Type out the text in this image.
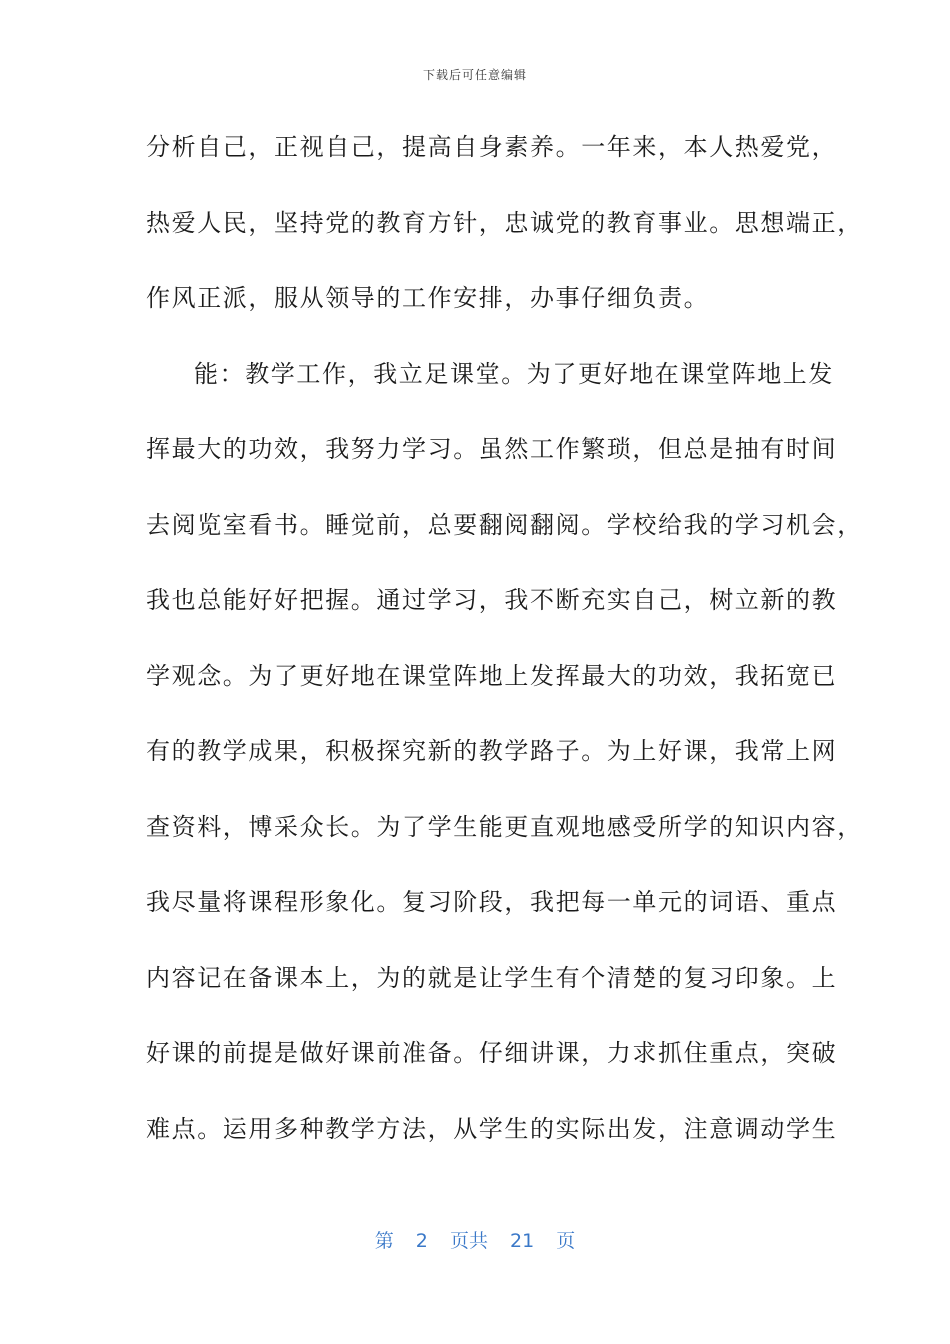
下载后可任意编辑
分析自己，正视自己，提高自身素养。一年来，本人热爱党，
热爱人民，坚持党的教育方针，忠诚党的教育事业。思想端正，
作风正派，服从领导的工作安排，办事仔细负责。
能：教学工作，我立足课堂。为了更好地在课堂阵地上发
挥最大的功效，我努力学习。虽然工作繁琐，但总是抽有时间
去阅览室看书。睡觉前，总要翻阅翻阅。学校给我的学习机会，
我也总能好好把握。通过学习，我不断充实自己，树立新的教
学观念。为了更好地在课堂阵地上发挥最大的功效，我拓宽已
有的教学成果，积极探究新的教学路子。为上好课，我常上网
查资料，博采众长。为了学生能更直观地感受所学的知识内容，
我尽量将课程形象化。复习阶段，我把每一单元的词语、重点
内容记在备课本上，为的就是让学生有个清楚的复习印象。上
好课的前提是做好课前准备。仔细讲课，力求抓住重点，突破
难点。运用多种教学方法，从学生的实际出发，注意调动学生
第 2 页共 21 页
